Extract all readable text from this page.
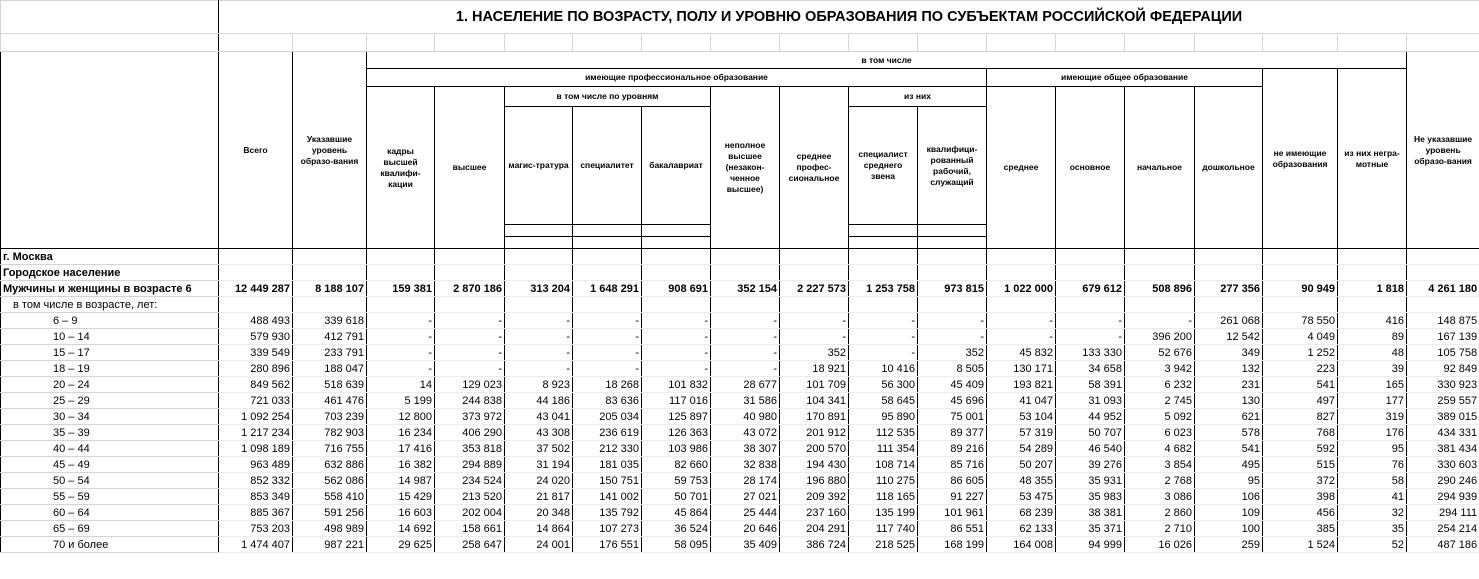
	1. НАСЕЛЕНИЕ ПО ВОЗРАСТУ, ПОЛУ И УРОВНЮ ОБРАЗОВАНИЯ ПО СУБЪЕКТАМ РОССИЙСКОЙ ФЕДЕРАЦИИ																	

	Всего	Указавшие уровень образо-вания	в том числе															Не указавшие уровень образо-вания
			имеющие профессиональное образование									имеющие общее образование				не имеющие образования	из них негра-мотные	
			кадры высшей квалифи-кации	высшее	в том числе по уровням			неполное высшее (незакон-ченное высшее)	среднее профес-сиональное	из них		среднее	основное	начальное	дошкольное			
					магис-тратура	специалитет	бакалавриат			специалист среднего звена	квалифици-рованный рабочий, служащий							

г. Москва																		
Городское население																		
Мужчины и женщины в возрасте 6	12 449 287	8 188 107	159 381	2 870 186	313 204	1 648 291	908 691	352 154	2 227 573	1 253 758	973 815	1 022 000	679 612	508 896	277 356	90 949	1 818	4 261 180
в том числе в возрасте, лет:																		
6 – 9	488 493	339 618	-	-	-	-	-	-	-	-	-	-	-	-	261 068	78 550	416	148 875
10 – 14	579 930	412 791	-	-	-	-	-	-	-	-	-	-	-	396 200	12 542	4 049	89	167 139
15 – 17	339 549	233 791	-	-	-	-	-	-	352	-	352	45 832	133 330	52 676	349	1 252	48	105 758
18 – 19	280 896	188 047	-	-	-	-	-	-	18 921	10 416	8 505	130 171	34 658	3 942	132	223	39	92 849
20 – 24	849 562	518 639	14	129 023	8 923	18 268	101 832	28 677	101 709	56 300	45 409	193 821	58 391	6 232	231	541	165	330 923
25 – 29	721 033	461 476	5 199	244 838	44 186	83 636	117 016	31 586	104 341	58 645	45 696	41 047	31 093	2 745	130	497	177	259 557
30 – 34	1 092 254	703 239	12 800	373 972	43 041	205 034	125 897	40 980	170 891	95 890	75 001	53 104	44 952	5 092	621	827	319	389 015
35 – 39	1 217 234	782 903	16 234	406 290	43 308	236 619	126 363	43 072	201 912	112 535	89 377	57 319	50 707	6 023	578	768	176	434 331
40 – 44	1 098 189	716 755	17 416	353 818	37 502	212 330	103 986	38 307	200 570	111 354	89 216	54 289	46 540	4 682	541	592	95	381 434
45 – 49	963 489	632 886	16 382	294 889	31 194	181 035	82 660	32 838	194 430	108 714	85 716	50 207	39 276	3 854	495	515	76	330 603
50 – 54	852 332	562 086	14 987	234 524	24 020	150 751	59 753	28 174	196 880	110 275	86 605	48 355	35 931	2 768	95	372	58	290 246
55 – 59	853 349	558 410	15 429	213 520	21 817	141 002	50 701	27 021	209 392	118 165	91 227	53 475	35 983	3 086	106	398	41	294 939
60 – 64	885 367	591 256	16 603	202 004	20 348	135 792	45 864	25 444	237 160	135 199	101 961	68 239	38 381	2 860	109	456	32	294 111
65 – 69	753 203	498 989	14 692	158 661	14 864	107 273	36 524	20 646	204 291	117 740	86 551	62 133	35 371	2 710	100	385	35	254 214
70 и более	1 474 407	987 221	29 625	258 647	24 001	176 551	58 095	35 409	386 724	218 525	168 199	164 008	94 999	16 026	259	1 524	52	487 186
